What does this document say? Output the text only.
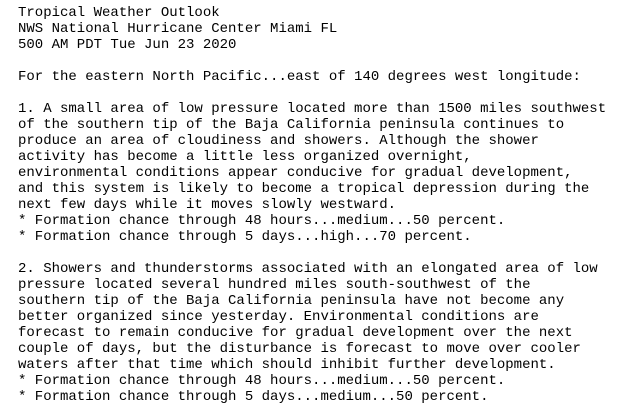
Tropical Weather Outlook
NWS National Hurricane Center Miami FL
500 AM PDT Tue Jun 23 2020
For the eastern North Pacific...east of 140 degrees west longitude:
1. A small area of low pressure located more than 1500 miles southwest
of the southern tip of the Baja California peninsula continues to
produce an area of cloudiness and showers. Although the shower
activity has become a little less organized overnight,
environmental conditions appear conducive for gradual development,
and this system is likely to become a tropical depression during the
next few days while it moves slowly westward.
* Formation chance through 48 hours...medium...50 percent.
* Formation chance through 5 days...high...70 percent.
2. Showers and thunderstorms associated with an elongated area of low
pressure located several hundred miles south-southwest of the
southern tip of the Baja California peninsula have not become any
better organized since yesterday. Environmental conditions are
forecast to remain conducive for gradual development over the next
couple of days, but the disturbance is forecast to move over cooler
waters after that time which should inhibit further development.
* Formation chance through 48 hours...medium...50 percent.
* Formation chance through 5 days...medium...50 percent.
